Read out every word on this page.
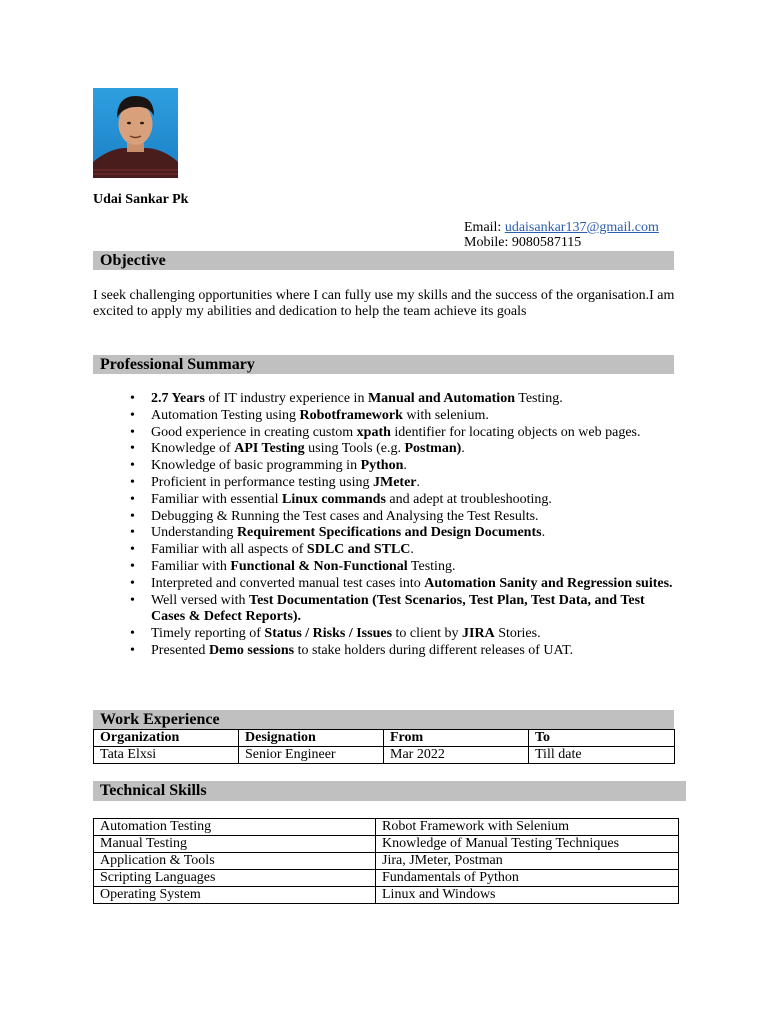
Udai Sankar Pk
Email: udaisankar137@gmail.com
Mobile: 9080587115
Objective
I seek challenging opportunities where I can fully use my skills and the success of the organisation.I am excited to apply my abilities and dedication to help the team achieve its goals
Professional Summary
• 2.7 Years of IT industry experience in Manual and Automation Testing.
• Automation Testing using Robotframework with selenium.
• Good experience in creating custom xpath identifier for locating objects on web pages.
• Knowledge of API Testing using Tools (e.g. Postman).
• Knowledge of basic programming in Python.
• Proficient in performance testing using JMeter.
• Familiar with essential Linux commands and adept at troubleshooting.
• Debugging & Running the Test cases and Analysing the Test Results.
• Understanding Requirement Specifications and Design Documents.
• Familiar with all aspects of SDLC and STLC.
• Familiar with Functional & Non-Functional Testing.
• Interpreted and converted manual test cases into Automation Sanity and Regression suites.
• Well versed with Test Documentation (Test Scenarios, Test Plan, Test Data, and Test Cases & Defect Reports).
• Timely reporting of Status / Risks / Issues to client by JIRA Stories.
• Presented Demo sessions to stake holders during different releases of UAT.
Work Experience
Organization	Designation	From	To
Tata Elxsi	Senior Engineer	Mar 2022	Till date
Technical Skills
Automation Testing	Robot Framework with Selenium
Manual Testing	Knowledge of Manual Testing Techniques
Application & Tools	Jira, JMeter, Postman
Scripting Languages	Fundamentals of Python
Operating System	Linux and Windows
